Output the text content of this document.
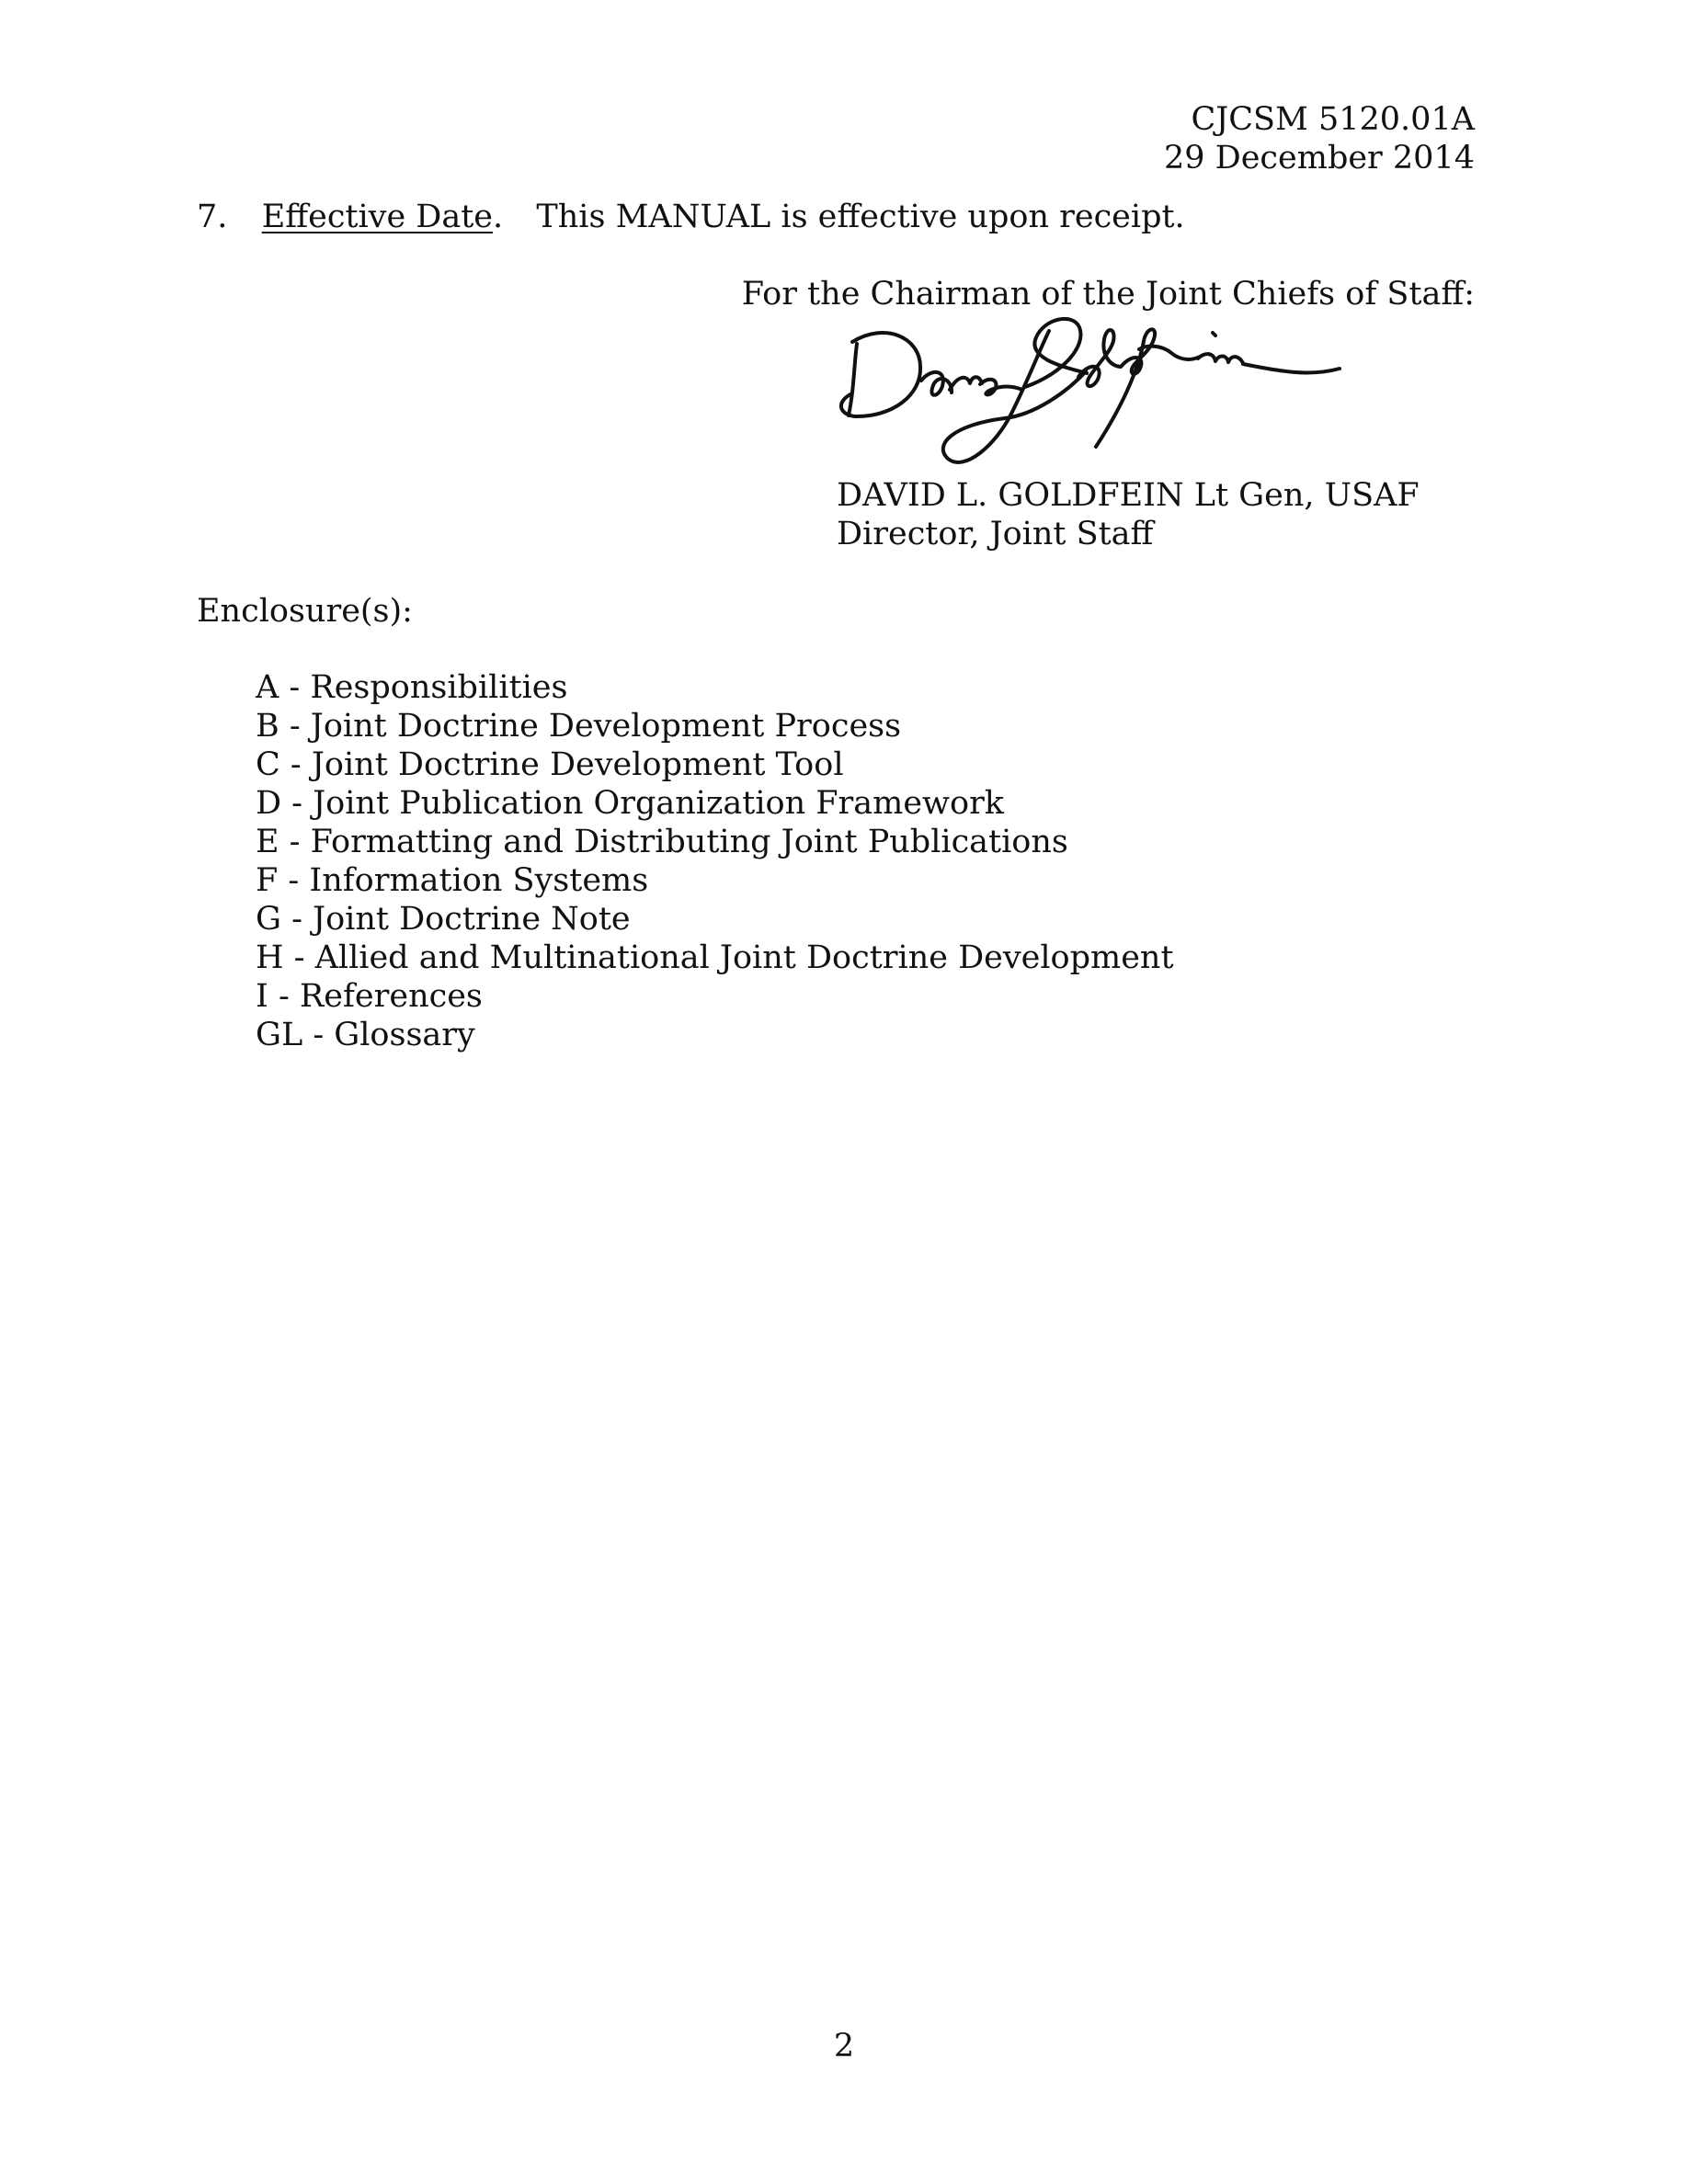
CJCSM 5120.01A
29 December 2014
7. Effective Date. This MANUAL is effective upon receipt.
For the Chairman of the Joint Chiefs of Staff:
DAVID L. GOLDFEIN Lt Gen, USAF
Director, Joint Staff
Enclosure(s):
A - Responsibilities
B - Joint Doctrine Development Process
C - Joint Doctrine Development Tool
D - Joint Publication Organization Framework
E - Formatting and Distributing Joint Publications
F - Information Systems
G - Joint Doctrine Note
H - Allied and Multinational Joint Doctrine Development
I - References
GL - Glossary
2
